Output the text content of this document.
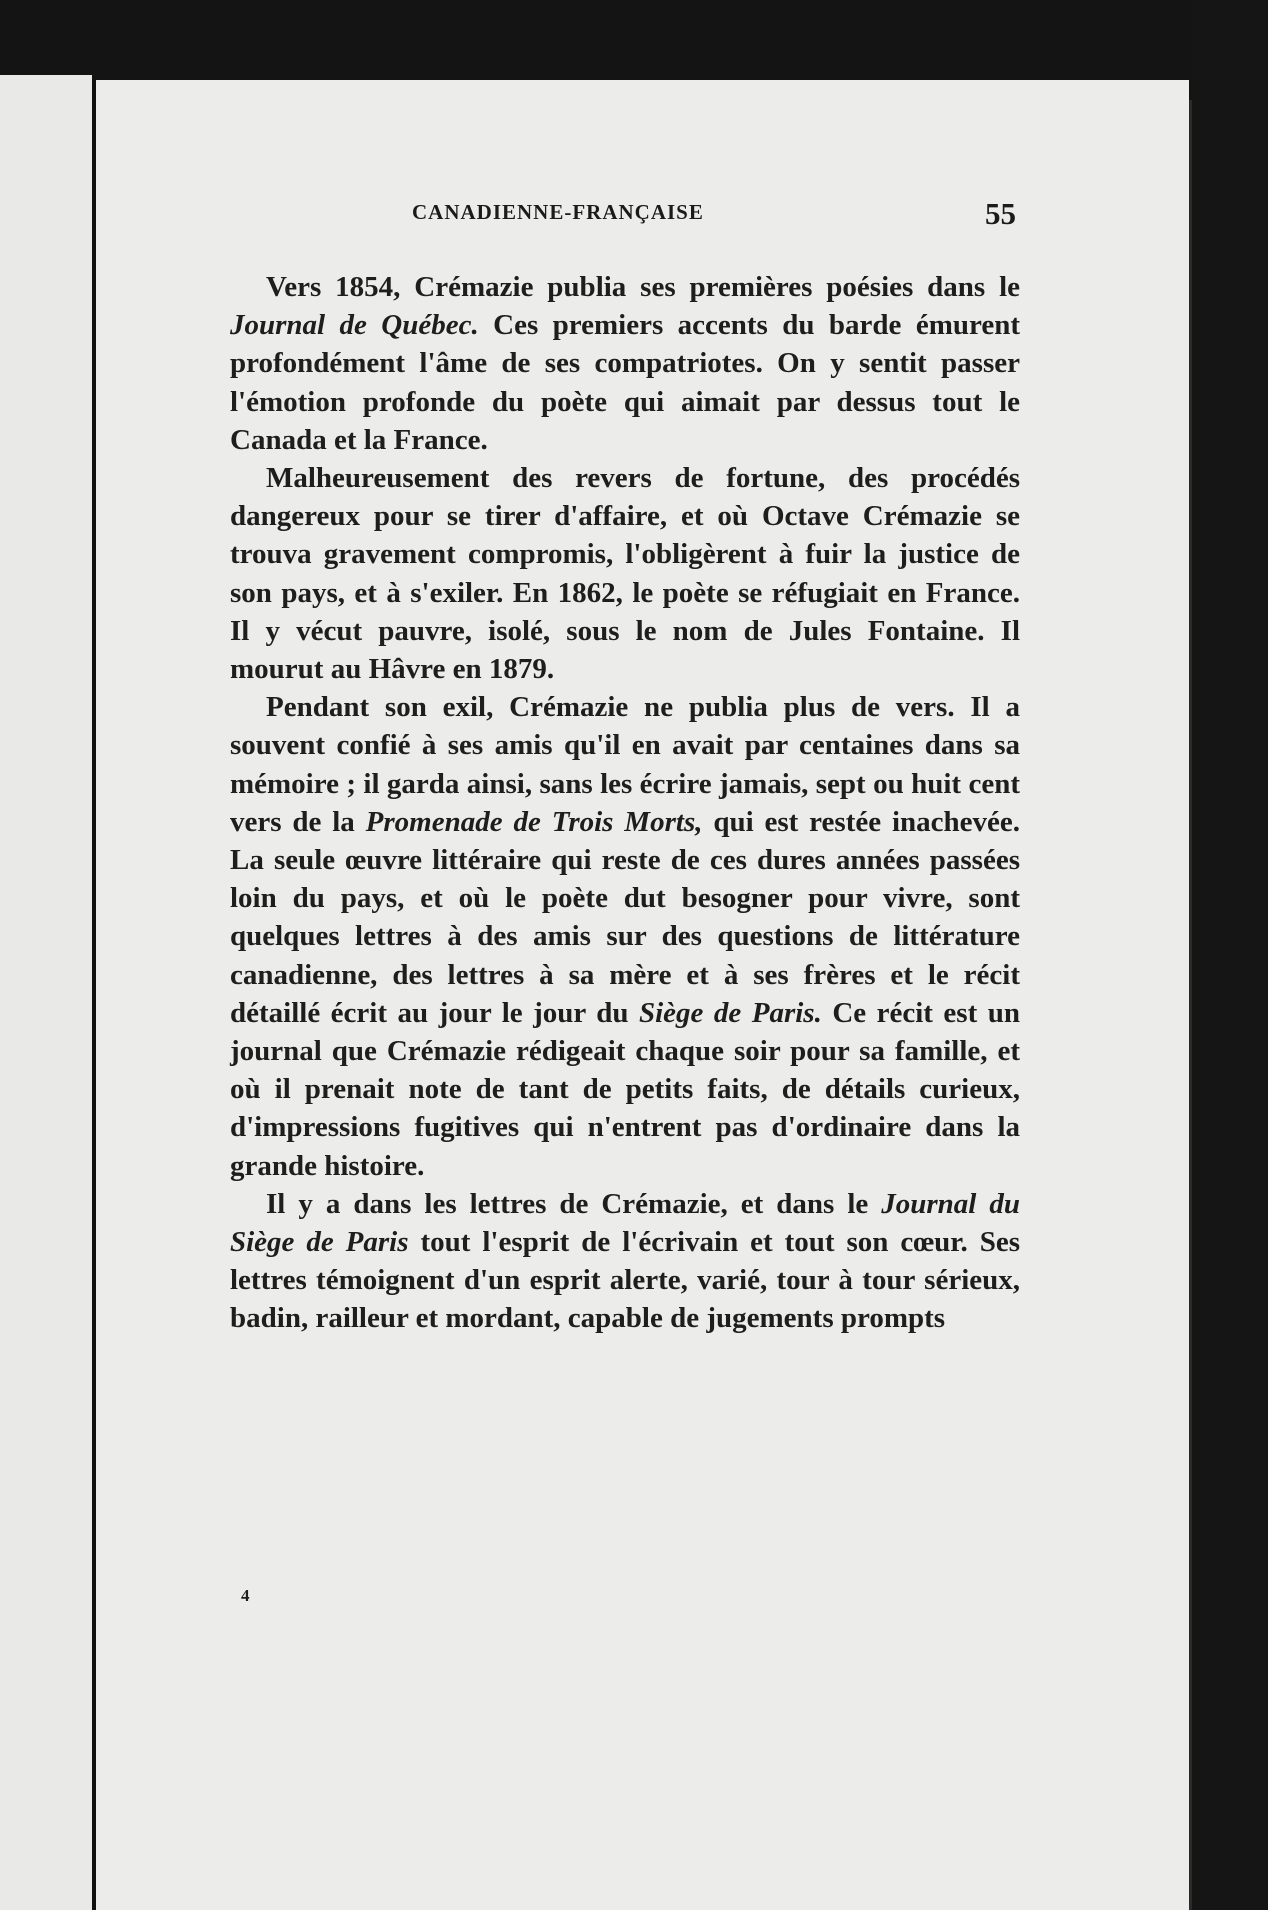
CANADIENNE-FRANÇAISE	55

Vers 1854, Crémazie publia ses premières poésies dans le Journal de Québec. Ces premiers accents du barde émurent profondément l'âme de ses compatriotes. On y sentit passer l'émotion profonde du poète qui aimait par dessus tout le Canada et la France.

Malheureusement des revers de fortune, des procédés dangereux pour se tirer d'affaire, et où Octave Crémazie se trouva gravement compromis, l'obligèrent à fuir la justice de son pays, et à s'exiler. En 1862, le poète se réfugiait en France. Il y vécut pauvre, isolé, sous le nom de Jules Fontaine. Il mourut au Hâvre en 1879.

Pendant son exil, Crémazie ne publia plus de vers. Il a souvent confié à ses amis qu'il en avait par centaines dans sa mémoire ; il garda ainsi, sans les écrire jamais, sept ou huit cent vers de la Promenade de Trois Morts, qui est restée inachevée. La seule œuvre littéraire qui reste de ces dures années passées loin du pays, et où le poète dut besogner pour vivre, sont quelques lettres à des amis sur des questions de littérature canadienne, des lettres à sa mère et à ses frères et le récit détaillé écrit au jour le jour du Siège de Paris. Ce récit est un journal que Crémazie rédigeait chaque soir pour sa famille, et où il prenait note de tant de petits faits, de détails curieux, d'impressions fugitives qui n'entrent pas d'ordinaire dans la grande histoire.

Il y a dans les lettres de Crémazie, et dans le Journal du Siège de Paris tout l'esprit de l'écrivain et tout son cœur. Ses lettres témoignent d'un esprit alerte, varié, tour à tour sérieux, badin, railleur et mordant, capable de jugements prompts

4
